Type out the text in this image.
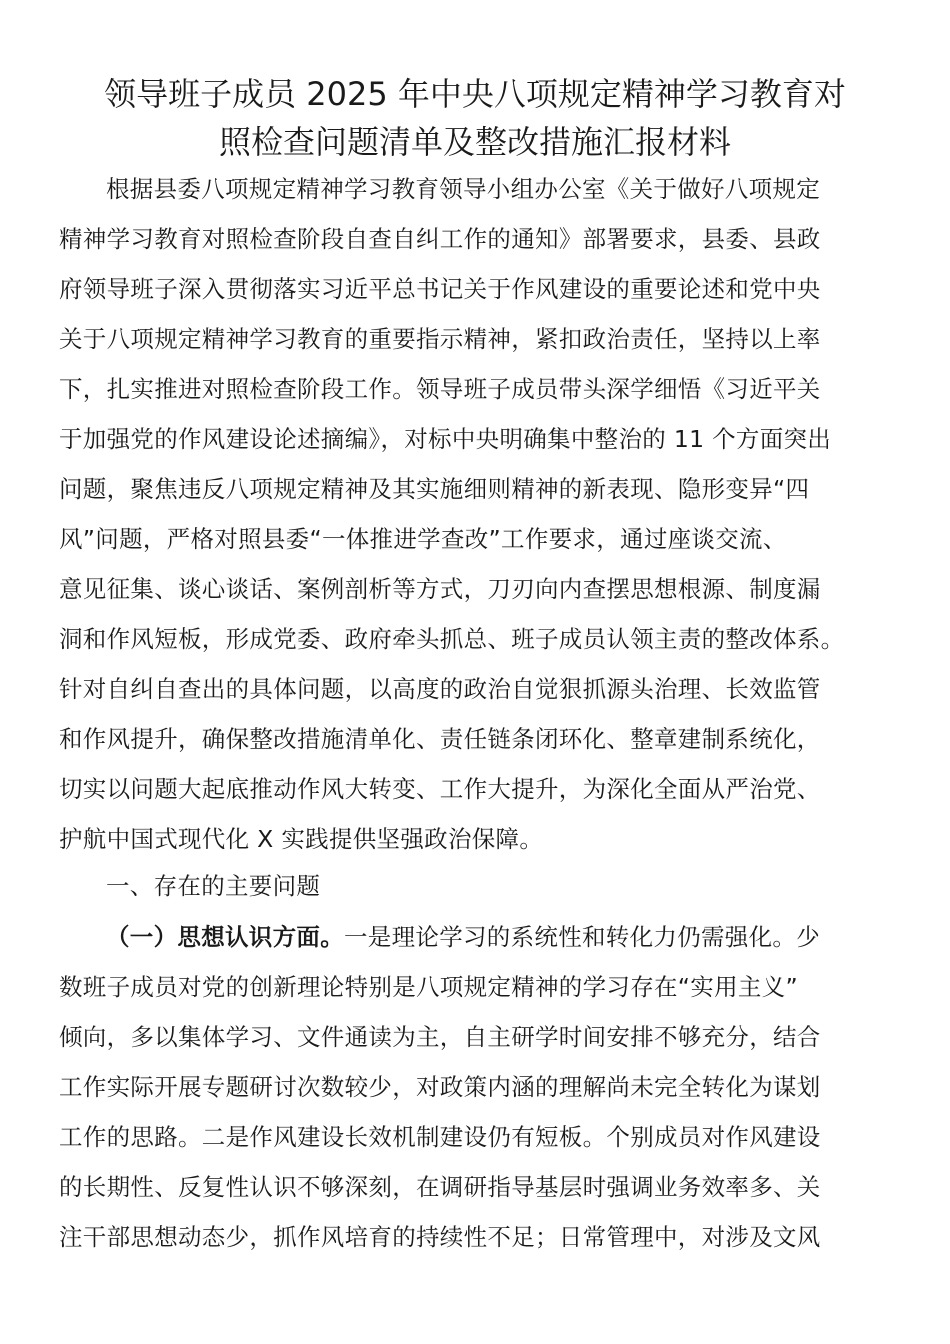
领导班子成员 2025 年中央八项规定精神学习教育对
照检查问题清单及整改措施汇报材料
根据县委八项规定精神学习教育领导小组办公室《关于做好八项规定
精神学习教育对照检查阶段自查自纠工作的通知》部署要求，县委、县政
府领导班子深入贯彻落实习近平总书记关于作风建设的重要论述和党中央
关于八项规定精神学习教育的重要指示精神，紧扣政治责任，坚持以上率
下，扎实推进对照检查阶段工作。领导班子成员带头深学细悟《习近平关
于加强党的作风建设论述摘编》，对标中央明确集中整治的 11 个方面突出
问题，聚焦违反八项规定精神及其实施细则精神的新表现、隐形变异“四
风”问题，严格对照县委“一体推进学查改”工作要求，通过座谈交流、
意见征集、谈心谈话、案例剖析等方式，刀刃向内查摆思想根源、制度漏
洞和作风短板，形成党委、政府牵头抓总、班子成员认领主责的整改体系。
针对自纠自查出的具体问题，以高度的政治自觉狠抓源头治理、长效监管
和作风提升，确保整改措施清单化、责任链条闭环化、整章建制系统化，
切实以问题大起底推动作风大转变、工作大提升，为深化全面从严治党、
护航中国式现代化 X 实践提供坚强政治保障。
一、存在的主要问题
（一）思想认识方面。一是理论学习的系统性和转化力仍需强化。少
数班子成员对党的创新理论特别是八项规定精神的学习存在“实用主义”
倾向，多以集体学习、文件通读为主，自主研学时间安排不够充分，结合
工作实际开展专题研讨次数较少，对政策内涵的理解尚未完全转化为谋划
工作的思路。二是作风建设长效机制建设仍有短板。个别成员对作风建设
的长期性、反复性认识不够深刻，在调研指导基层时强调业务效率多、关
注干部思想动态少，抓作风培育的持续性不足；日常管理中，对涉及文风
